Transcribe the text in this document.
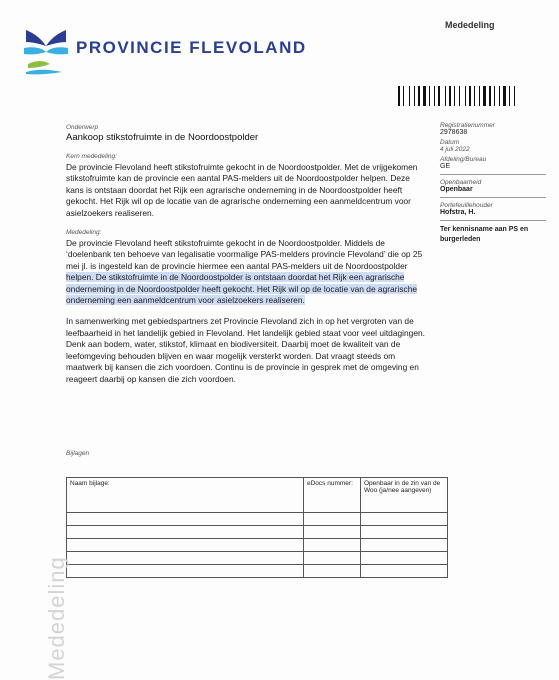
PROVINCIE FLEVOLAND
Mededeling
Registratienummer
2978638
Datum
4 juli 2022
Afdeling/Bureau
GE
Openbaarheid
Openbaar
Portefeuillehouder
Hofstra, H.
Ter kennisname aan PS en burgerleden
Onderwerp
Aankoop stikstofruimte in de Noordoostpolder
Kern mededeling:
De provincie Flevoland heeft stikstofruimte gekocht in de Noordoostpolder. Met de vrijgekomen stikstofruimte kan de provincie een aantal PAS-melders uit de Noordoostpolder helpen. Deze kans is ontstaan doordat het Rijk een agrarische onderneming in de Noordoostpolder heeft gekocht. Het Rijk wil op de locatie van de agrarische onderneming een aanmeldcentrum voor asielzoekers realiseren.
Mededeling:
De provincie Flevoland heeft stikstofruimte gekocht in de Noordoostpolder. Middels de ‘doelenbank ten behoeve van legalisatie voormalige PAS-melders provincie Flevoland’ die op 25 mei jl. is ingesteld kan de provincie hiermee een aantal PAS-melders uit de Noordoostpolder helpen. De stikstofruimte in de Noordoostpolder is ontstaan doordat het Rijk een agrarische onderneming in de Noordoostpolder heeft gekocht. Het Rijk wil op de locatie van de agrarische onderneming een aanmeldcentrum voor asielzoekers realiseren.
In samenwerking met gebiedspartners zet Provincie Flevoland zich in op het vergroten van de leefbaarheid in het landelijk gebied in Flevoland. Het landelijk gebied staat voor veel uitdagingen. Denk aan bodem, water, stikstof, klimaat en biodiversiteit. Daarbij moet de kwaliteit van de leefomgeving behouden blijven en waar mogelijk versterkt worden. Dat vraagt steeds om maatwerk bij kansen die zich voordoen. Continu is de provincie in gesprek met de omgeving en reageert daarbij op kansen die zich voordoen.
Bijlagen
Naam bijlage:	eDocs nummer:	Openbaar in de zin van de Woo (ja/nee aangeven)

Mededeling
